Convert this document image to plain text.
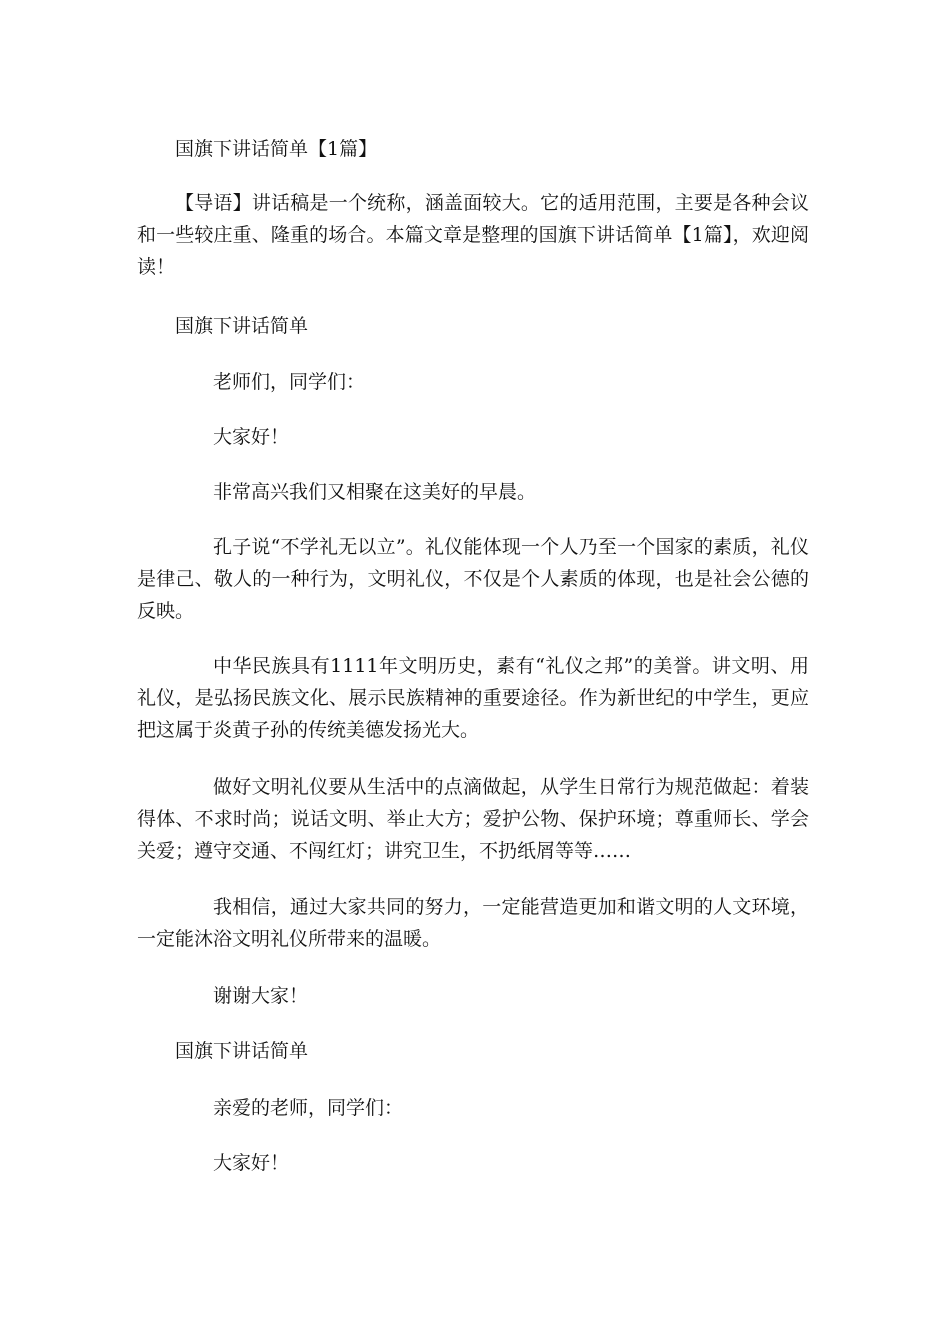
国旗下讲话简单【1篇】

【导语】讲话稿是一个统称，涵盖面较大。它的适用范围，主要是各种会议和一些较庄重、隆重的场合。本篇文章是整理的国旗下讲话简单【1篇】，欢迎阅读！

国旗下讲话简单

老师们，同学们：

大家好！

非常高兴我们又相聚在这美好的早晨。

孔子说“不学礼无以立”。礼仪能体现一个人乃至一个国家的素质，礼仪是律己、敬人的一种行为，文明礼仪，不仅是个人素质的体现，也是社会公德的反映。

中华民族具有1111年文明历史，素有“礼仪之邦”的美誉。讲文明、用礼仪，是弘扬民族文化、展示民族精神的重要途径。作为新世纪的中学生，更应把这属于炎黄子孙的传统美德发扬光大。

做好文明礼仪要从生活中的点滴做起，从学生日常行为规范做起：着装得体、不求时尚；说话文明、举止大方；爱护公物、保护环境；尊重师长、学会关爱；遵守交通、不闯红灯；讲究卫生，不扔纸屑等等……

我相信，通过大家共同的努力，一定能营造更加和谐文明的人文环境，一定能沐浴文明礼仪所带来的温暖。

谢谢大家！

国旗下讲话简单

亲爱的老师，同学们：

大家好！
